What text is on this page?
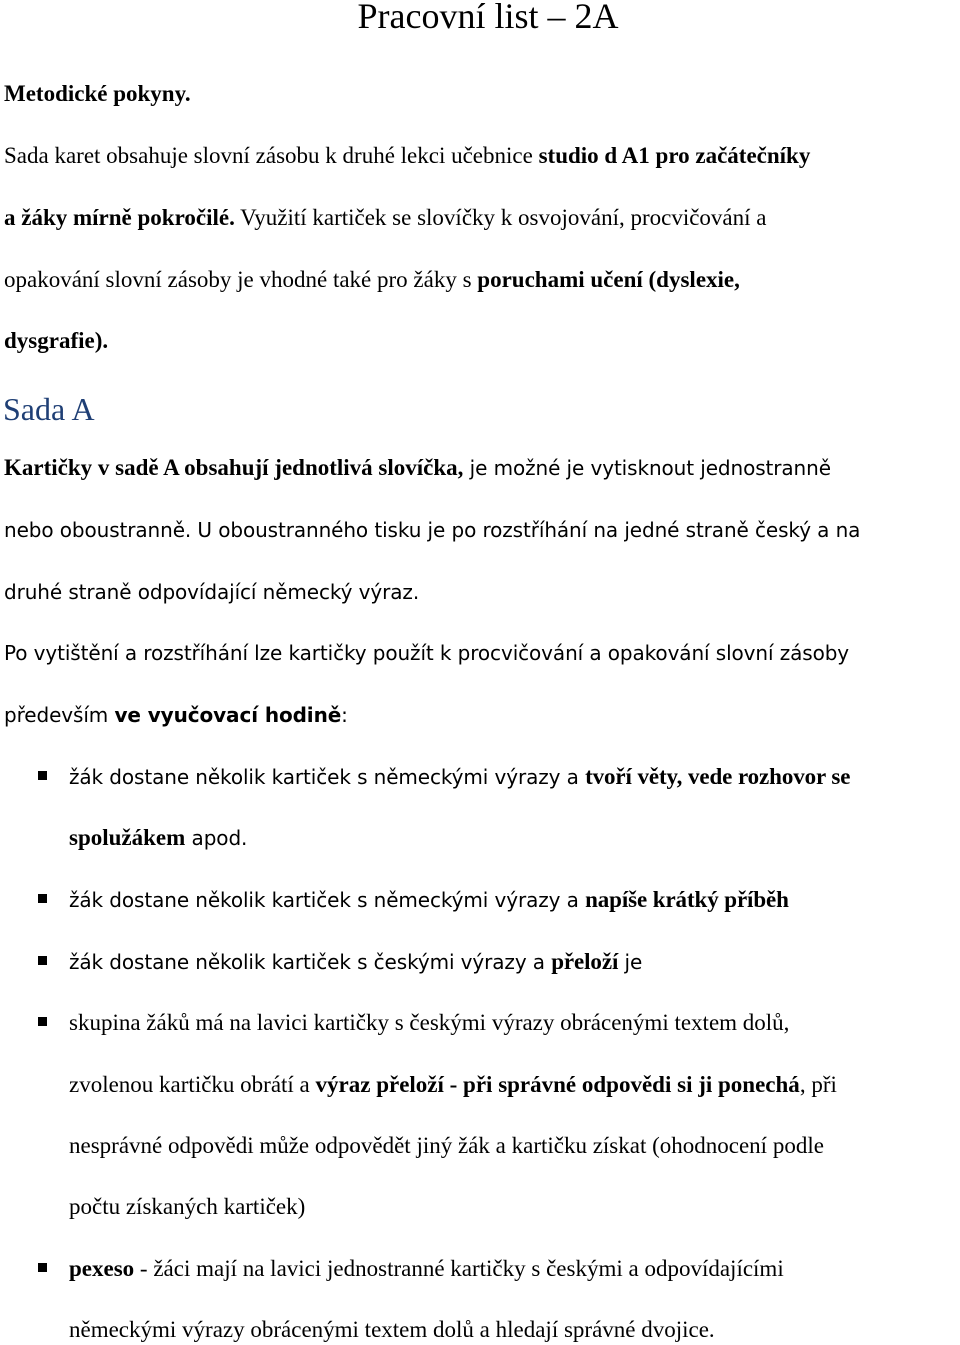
Pracovní list – 2A

Metodické pokyny.

Sada karet obsahuje slovní zásobu k druhé lekci učebnice studio d A1 pro začátečníky

a žáky mírně pokročilé. Využití kartiček se slovíčky k osvojování, procvičování a

opakování slovní zásoby je vhodné také pro žáky s poruchami učení (dyslexie,

dysgrafie).

Sada A

Kartičky v sadě A obsahují jednotlivá slovíčka, je možné je vytisknout jednostranně

nebo oboustranně. U oboustranného tisku je po rozstříhání na jedné straně český a na

druhé straně odpovídající německý výraz.

Po vytištění a rozstříhání lze kartičky použít k procvičování a opakování slovní zásoby

především ve vyučovací hodině:

žák dostane několik kartiček s německými výrazy a tvoří věty, vede rozhovor se

spolužákem apod.

žák dostane několik kartiček s německými výrazy a napíše krátký příběh

žák dostane několik kartiček s českými výrazy a přeloží je

skupina žáků má na lavici kartičky s českými výrazy obrácenými textem dolů,

zvolenou kartičku obrátí a výraz přeloží - při správné odpovědi si ji ponechá, při

nesprávné odpovědi může odpovědět jiný žák a kartičku získat (ohodnocení podle

počtu získaných kartiček)

pexeso - žáci mají na lavici jednostranné kartičky s českými a odpovídajícími

německými výrazy obrácenými textem dolů a hledají správné dvojice.
